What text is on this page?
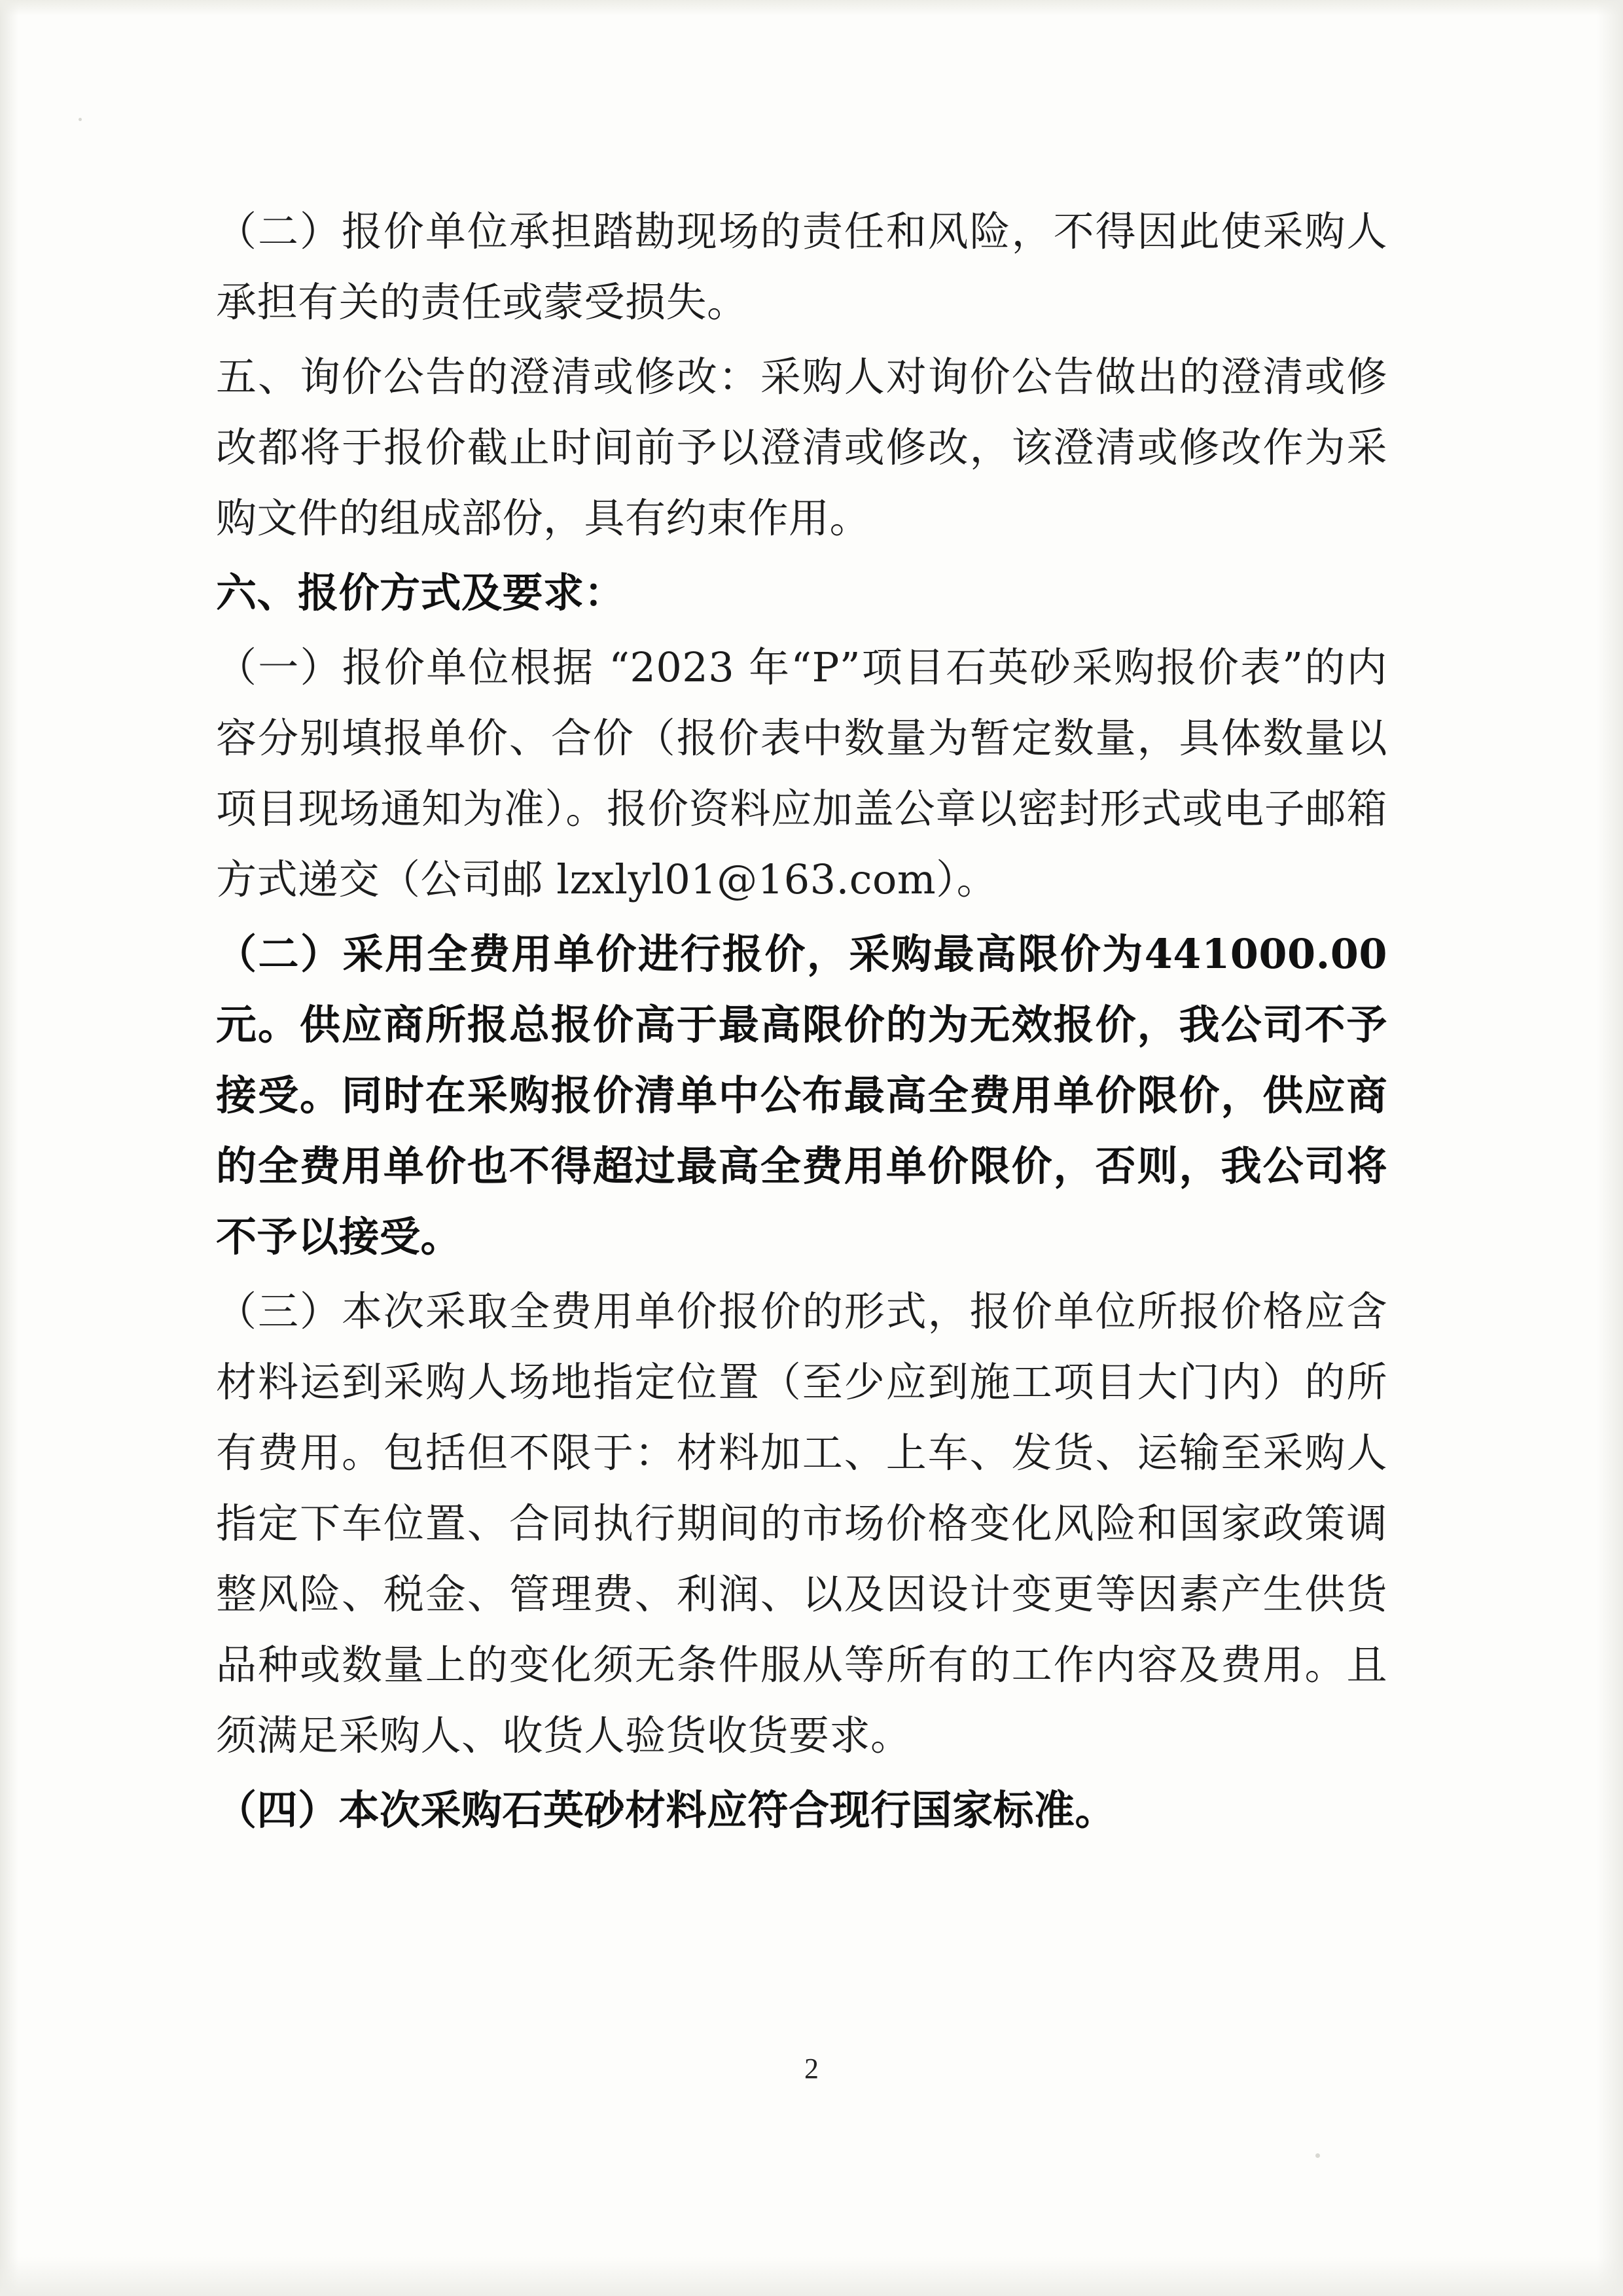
（二）报价单位承担踏勘现场的责任和风险，不得因此使采购人承担有关的责任或蒙受损失。

五、询价公告的澄清或修改：采购人对询价公告做出的澄清或修改都将于报价截止时间前予以澄清或修改，该澄清或修改作为采购文件的组成部份，具有约束作用。

六、报价方式及要求：

（一）报价单位根据 “2023 年“P”项目石英砂采购报价表”的内容分别填报单价、合价（报价表中数量为暂定数量，具体数量以项目现场通知为准）。报价资料应加盖公章以密封形式或电子邮箱方式递交（公司邮 lzxlyl01@163.com）。

（二）采用全费用单价进行报价，采购最高限价为441000.00 元。供应商所报总报价高于最高限价的为无效报价，我公司不予接受。同时在采购报价清单中公布最高全费用单价限价，供应商的全费用单价也不得超过最高全费用单价限价，否则，我公司将不予以接受。

（三）本次采取全费用单价报价的形式，报价单位所报价格应含材料运到采购人场地指定位置（至少应到施工项目大门内）的所有费用。包括但不限于：材料加工、上车、发货、运输至采购人指定下车位置、合同执行期间的市场价格变化风险和国家政策调整风险、税金、管理费、利润、以及因设计变更等因素产生供货品种或数量上的变化须无条件服从等所有的工作内容及费用。且须满足采购人、收货人验货收货要求。

（四）本次采购石英砂材料应符合现行国家标准。

2
